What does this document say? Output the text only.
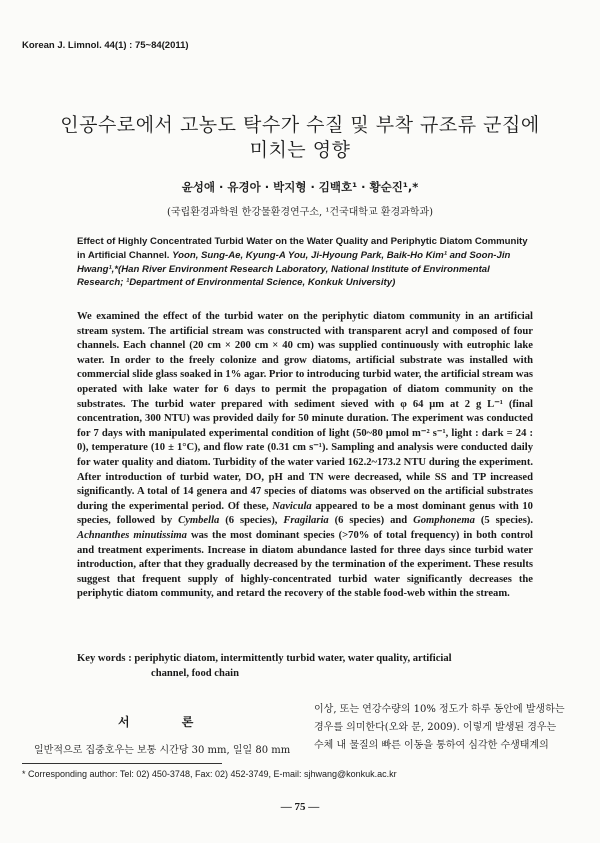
Korean J. Limnol. 44(1) : 75~84(2011)
인공수로에서 고농도 탁수가 수질 및 부착 규조류 군집에
미치는 영향
윤성애 · 유경아 · 박지형 · 김백호¹ · 황순진¹,*
(국립환경과학원 한강물환경연구소, ¹건국대학교 환경과학과)
Effect of Highly Concentrated Turbid Water on the Water Quality and Periphytic Diatom Community in Artificial Channel. Yoon, Sung-Ae, Kyung-A You, Ji-Hyoung Park, Baik-Ho Kim¹ and Soon-Jin Hwang¹,*(Han River Environment Research Laboratory, National Institute of Environmental Research; ¹Department of Environmental Science, Konkuk University)
We examined the effect of the turbid water on the periphytic diatom community in an artificial stream system. The artificial stream was constructed with transparent acryl and composed of four channels. Each channel (20 cm × 200 cm × 40 cm) was supplied continuously with eutrophic lake water. In order to the freely colonize and grow diatoms, artificial substrate was installed with commercial slide glass soaked in 1% agar. Prior to introducing turbid water, the artificial stream was operated with lake water for 6 days to permit the propagation of diatom community on the substrates. The turbid water prepared with sediment sieved with φ 64 μm at 2 g L⁻¹ (final concentration, 300 NTU) was provided daily for 50 minute duration. The experiment was conducted for 7 days with manipulated experimental condition of light (50~80 μmol m⁻² s⁻¹, light : dark = 24 : 0), temperature (10 ± 1°C), and flow rate (0.31 cm s⁻¹). Sampling and analysis were conducted daily for water quality and diatom. Turbidity of the water varied 162.2~173.2 NTU during the experiment. After introduction of turbid water, DO, pH and TN were decreased, while SS and TP increased significantly. A total of 14 genera and 47 species of diatoms was observed on the artificial substrates during the experimental period. Of these, Navicula appeared to be a most dominant genus with 10 species, followed by Cymbella (6 species), Fragilaria (6 species) and Gomphonema (5 species). Achnanthes minutissima was the most dominant species (>70% of total frequency) in both control and treatment experiments. Increase in diatom abundance lasted for three days since turbid water introduction, after that they gradually decreased by the termination of the experiment. These results suggest that frequent supply of highly-concentrated turbid water significantly decreases the periphytic diatom community, and retard the recovery of the stable food-web within the stream.
Key words : periphytic diatom, intermittently turbid water, water quality, artificial
channel, food chain
서 론
일반적으로 집중호우는 보통 시간당 30 mm, 일일 80 mm
이상, 또는 연강수량의 10% 정도가 하루 동안에 발생하는
경우를 의미한다(오와 문, 2009). 이렇게 발생된 경우는
수체 내 물질의 빠른 이동을 통하여 심각한 수생태계의
* Corresponding author: Tel: 02) 450-3748, Fax: 02) 452-3749, E-mail: sjhwang@konkuk.ac.kr
— 75 —
